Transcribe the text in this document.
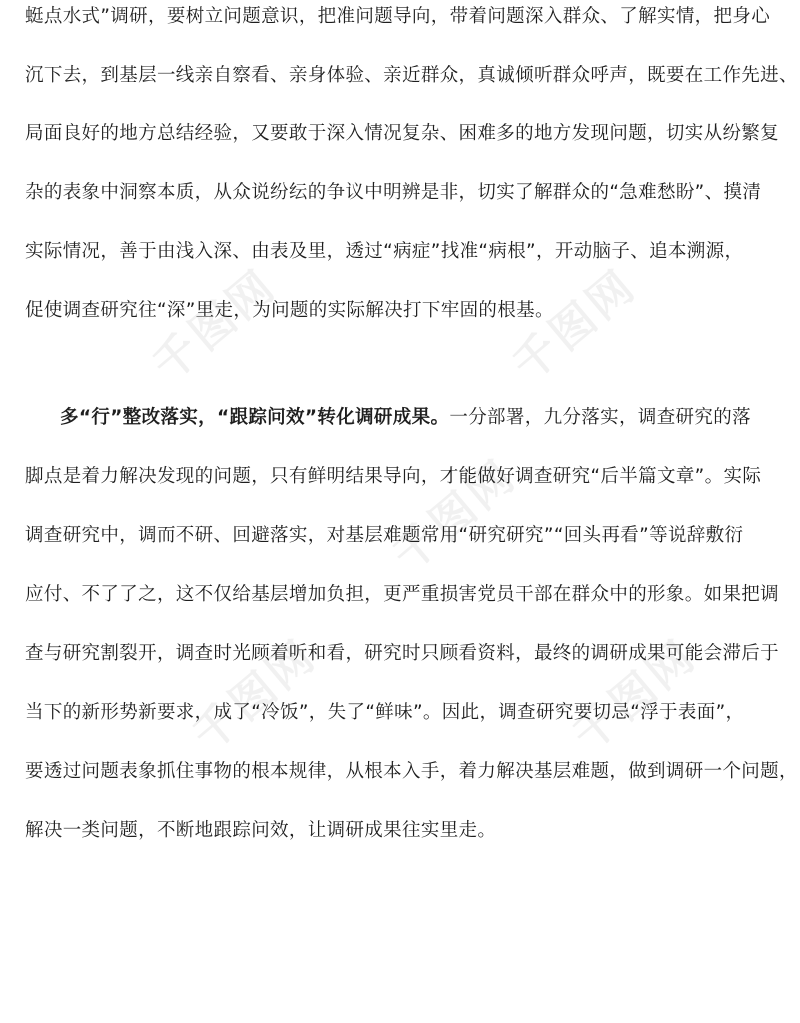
千图网	千图网
千图网
千图网	千图网
蜓点水式”调研，要树立问题意识，把准问题导向，带着问题深入群众、了解实情，把身心
沉下去，到基层一线亲自察看、亲身体验、亲近群众，真诚倾听群众呼声，既要在工作先进、
局面良好的地方总结经验，又要敢于深入情况复杂、困难多的地方发现问题，切实从纷繁复
杂的表象中洞察本质，从众说纷纭的争议中明辨是非，切实了解群众的“急难愁盼”、摸清
实际情况，善于由浅入深、由表及里，透过“病症”找准“病根”，开动脑子、追本溯源，
促使调查研究往“深”里走，为问题的实际解决打下牢固的根基。
多“行”整改落实，“跟踪问效”转化调研成果。一分部署，九分落实，调查研究的落
脚点是着力解决发现的问题，只有鲜明结果导向，才能做好调查研究“后半篇文章”。实际
调查研究中，调而不研、回避落实，对基层难题常用“研究研究”“回头再看”等说辞敷衍
应付、不了了之，这不仅给基层增加负担，更严重损害党员干部在群众中的形象。如果把调
查与研究割裂开，调查时光顾着听和看，研究时只顾看资料，最终的调研成果可能会滞后于
当下的新形势新要求，成了“冷饭”，失了“鲜味”。因此，调查研究要切忌“浮于表面”，
要透过问题表象抓住事物的根本规律，从根本入手，着力解决基层难题，做到调研一个问题，
解决一类问题，不断地跟踪问效，让调研成果往实里走。
